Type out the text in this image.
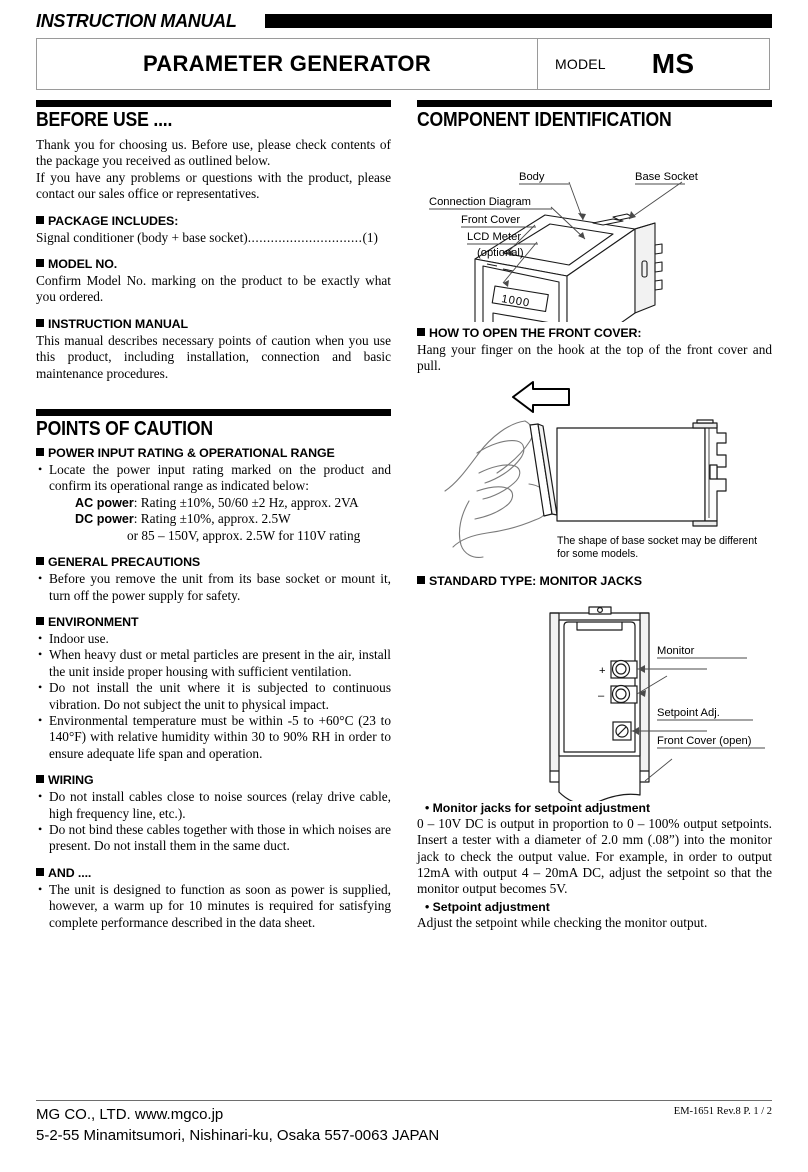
INSTRUCTION MANUAL
PARAMETER GENERATOR	MODEL MS
BEFORE USE ....

Thank you for choosing us. Before use, please check contents of the package you received as outlined below.

If you have any problems or questions with the product, please contact our sales office or representatives.

PACKAGE INCLUDES:

Signal conditioner (body + base socket)..............................(1)

MODEL NO.

Confirm Model No. marking on the product to be exactly what you ordered.

INSTRUCTION MANUAL

This manual describes necessary points of caution when you use this product, including installation, connection and basic maintenance procedures.

POINTS OF CAUTION
POWER INPUT RATING & OPERATIONAL RANGE
• Locate the power input rating marked on the product and confirm its operational range as indicated below:
AC power: Rating ±10%, 50/60 ±2 Hz, approx. 2VA
DC power: Rating ±10%, approx. 2.5W
or 85 – 150V, approx. 2.5W for 110V rating
GENERAL PRECAUTIONS
• Before you remove the unit from its base socket or mount it, turn off the power supply for safety.
ENVIRONMENT
• Indoor use.
• When heavy dust or metal particles are present in the air, install the unit inside proper housing with sufficient ventilation.
• Do not install the unit where it is subjected to continuous vibration. Do not subject the unit to physical impact.
• Environmental temperature must be within -5 to +60°C (23 to 140°F) with relative humidity within 30 to 90% RH in order to ensure adequate life span and operation.
WIRING
• Do not install cables close to noise sources (relay drive cable, high frequency line, etc.).
• Do not bind these cables together with those in which noises are present. Do not install them in the same duct.
AND ....
• The unit is designed to function as soon as power is supplied, however, a warm up for 10 minutes is required for satisfying complete performance described in the data sheet.
COMPONENT IDENTIFICATION
1000
Body	Base Socket
Connection Diagram
Front Cover
LCD Meter
(optional)
HOW TO OPEN THE FRONT COVER:

Hang your finger on the hook at the top of the front cover and pull.

The shape of base socket may be different
for some models.
STANDARD TYPE: MONITOR JACKS
+
–
Monitor
Setpoint Adj.
Front Cover (open)

• Monitor jacks for setpoint adjustment

0 – 10V DC is output in proportion to 0 – 100% output setpoints. Insert a tester with a diameter of 2.0 mm (.08”) into the monitor jack to check the output value. For example, in order to output 12mA with output 4 – 20mA DC, adjust the setpoint so that the monitor output becomes 5V.

• Setpoint adjustment

Adjust the setpoint while checking the monitor output.

MG CO., LTD. www.mgco.jp
5-2-55 Minamitsumori, Nishinari-ku, Osaka 557-0063 JAPAN
EM-1651 Rev.8 P. 1 / 2
